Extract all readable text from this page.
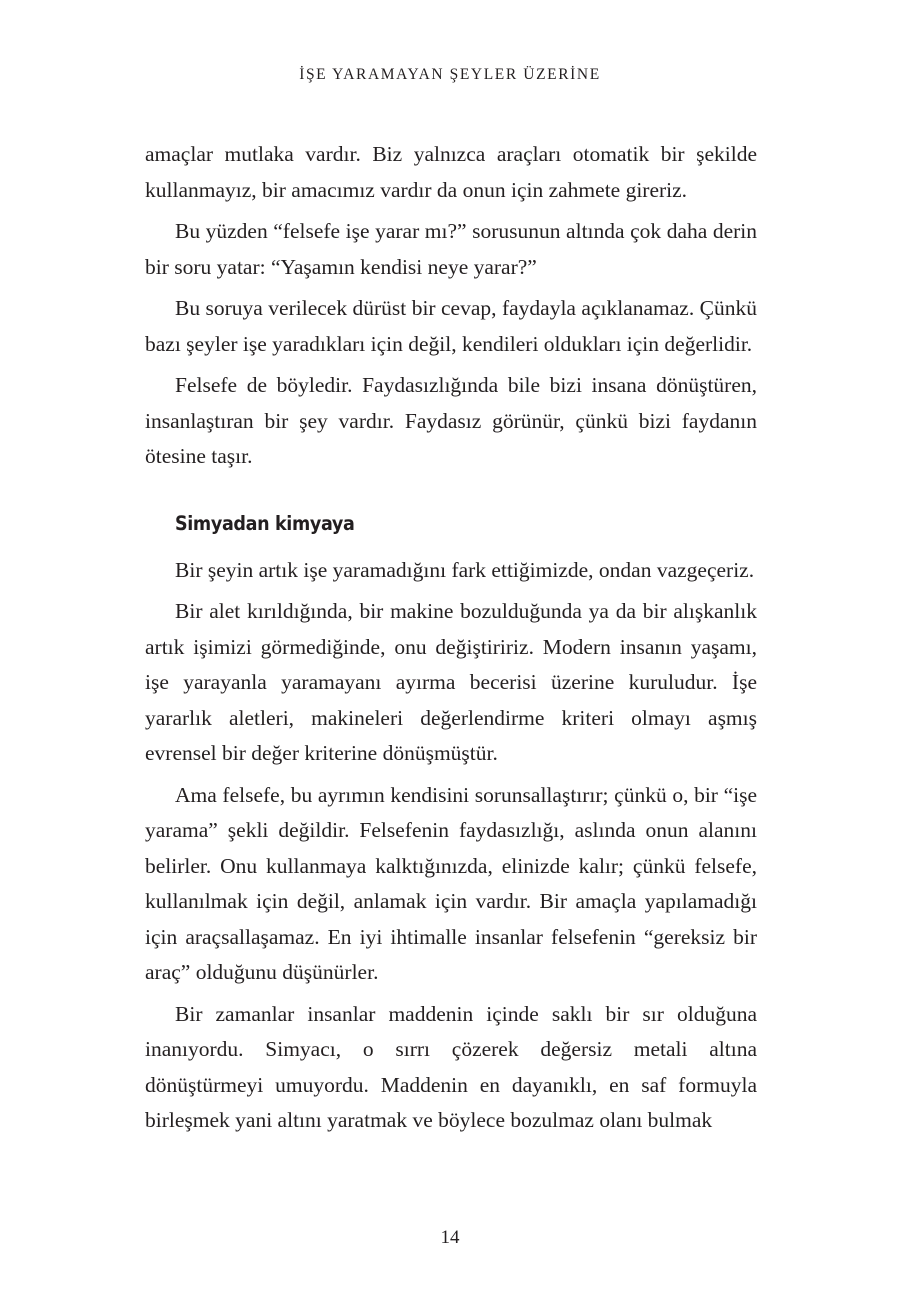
İŞE YARAMAYAN ŞEYLER ÜZERİNE

amaçlar mutlaka vardır. Biz yalnızca araçları otomatik bir şekilde kullanmayız, bir amacımız vardır da onun için zahmete gireriz.

Bu yüzden “felsefe işe yarar mı?” sorusunun altında çok daha derin bir soru yatar: “Yaşamın kendisi neye yarar?”

Bu soruya verilecek dürüst bir cevap, faydayla açıklanamaz. Çünkü bazı şeyler işe yaradıkları için değil, kendileri oldukları için değerlidir.

Felsefe de böyledir. Faydasızlığında bile bizi insana dönüştüren, insanlaştıran bir şey vardır. Faydasız görünür, çünkü bizi faydanın ötesine taşır.

Simyadan kimyaya

Bir şeyin artık işe yaramadığını fark ettiğimizde, ondan vazgeçeriz.

Bir alet kırıldığında, bir makine bozulduğunda ya da bir alışkanlık artık işimizi görmediğinde, onu değiştiririz. Modern insanın yaşamı, işe yarayanla yaramayanı ayırma becerisi üzerine kuruludur. İşe yararlık aletleri, makineleri değerlendirme kriteri olmayı aşmış evrensel bir değer kriterine dönüşmüştür.

Ama felsefe, bu ayrımın kendisini sorunsallaştırır; çünkü o, bir “işe yarama” şekli değildir. Felsefenin faydasızlığı, aslında onun alanını belirler. Onu kullanmaya kalktığınızda, elinizde kalır; çünkü felsefe, kullanılmak için değil, anlamak için vardır. Bir amaçla yapılamadığı için araçsallaşamaz. En iyi ihtimalle insanlar felsefenin “gereksiz bir araç” olduğunu düşünürler.

Bir zamanlar insanlar maddenin içinde saklı bir sır olduğuna inanıyordu. Simyacı, o sırrı çözerek değersiz metali altına dönüştürmeyi umuyordu. Maddenin en dayanıklı, en saf formuyla birleşmek yani altını yaratmak ve böylece bozulmaz olanı bulmak

14
